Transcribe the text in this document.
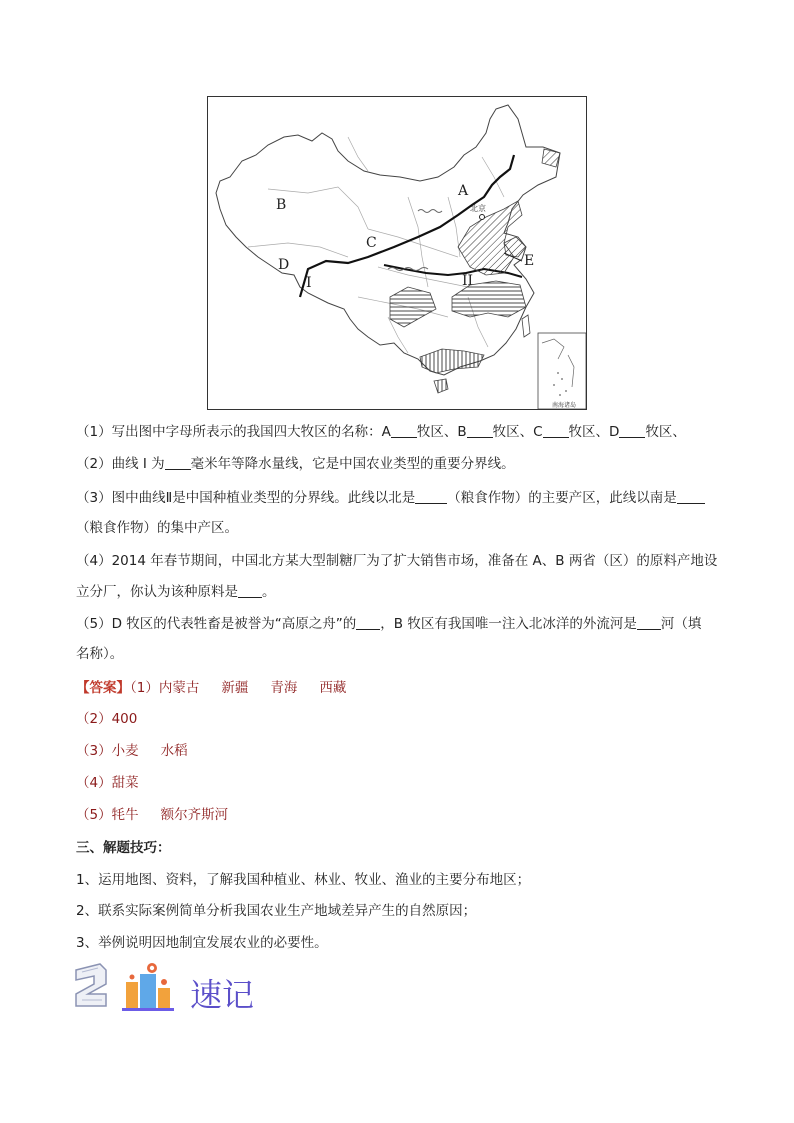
北京
A
B
C
D	E
I	II
南海诸岛
（1）写出图中字母所表示的我国四大牧区的名称：A 牧区、B 牧区、C 牧区、D 牧区、
（2）曲线 I 为 毫米年等降水量线，它是中国农业类型的重要分界线。
（3）图中曲线Ⅱ是中国种植业类型的分界线。此线以北是 （粮食作物）的主要产区，此线以南是
（粮食作物）的集中产区。
（4）2014 年春节期间，中国北方某大型制糖厂为了扩大销售市场，准备在 A、B 两省（区）的原料产地设
立分厂，你认为该种原料是 。
（5）D 牧区的代表牲畜是被誉为“高原之舟”的 ，B 牧区有我国唯一注入北冰洋的外流河是 河（填
名称）。
【答案】（1）内蒙古 新疆 青海 西藏
（2）400
（3）小麦 水稻
（4）甜菜
（5）牦牛 额尔齐斯河
三、解题技巧：
1、运用地图、资料，了解我国种植业、林业、牧业、渔业的主要分布地区；
2、联系实际案例简单分析我国农业生产地域差异产生的自然原因；
3、举例说明因地制宜发展农业的必要性。
速记
